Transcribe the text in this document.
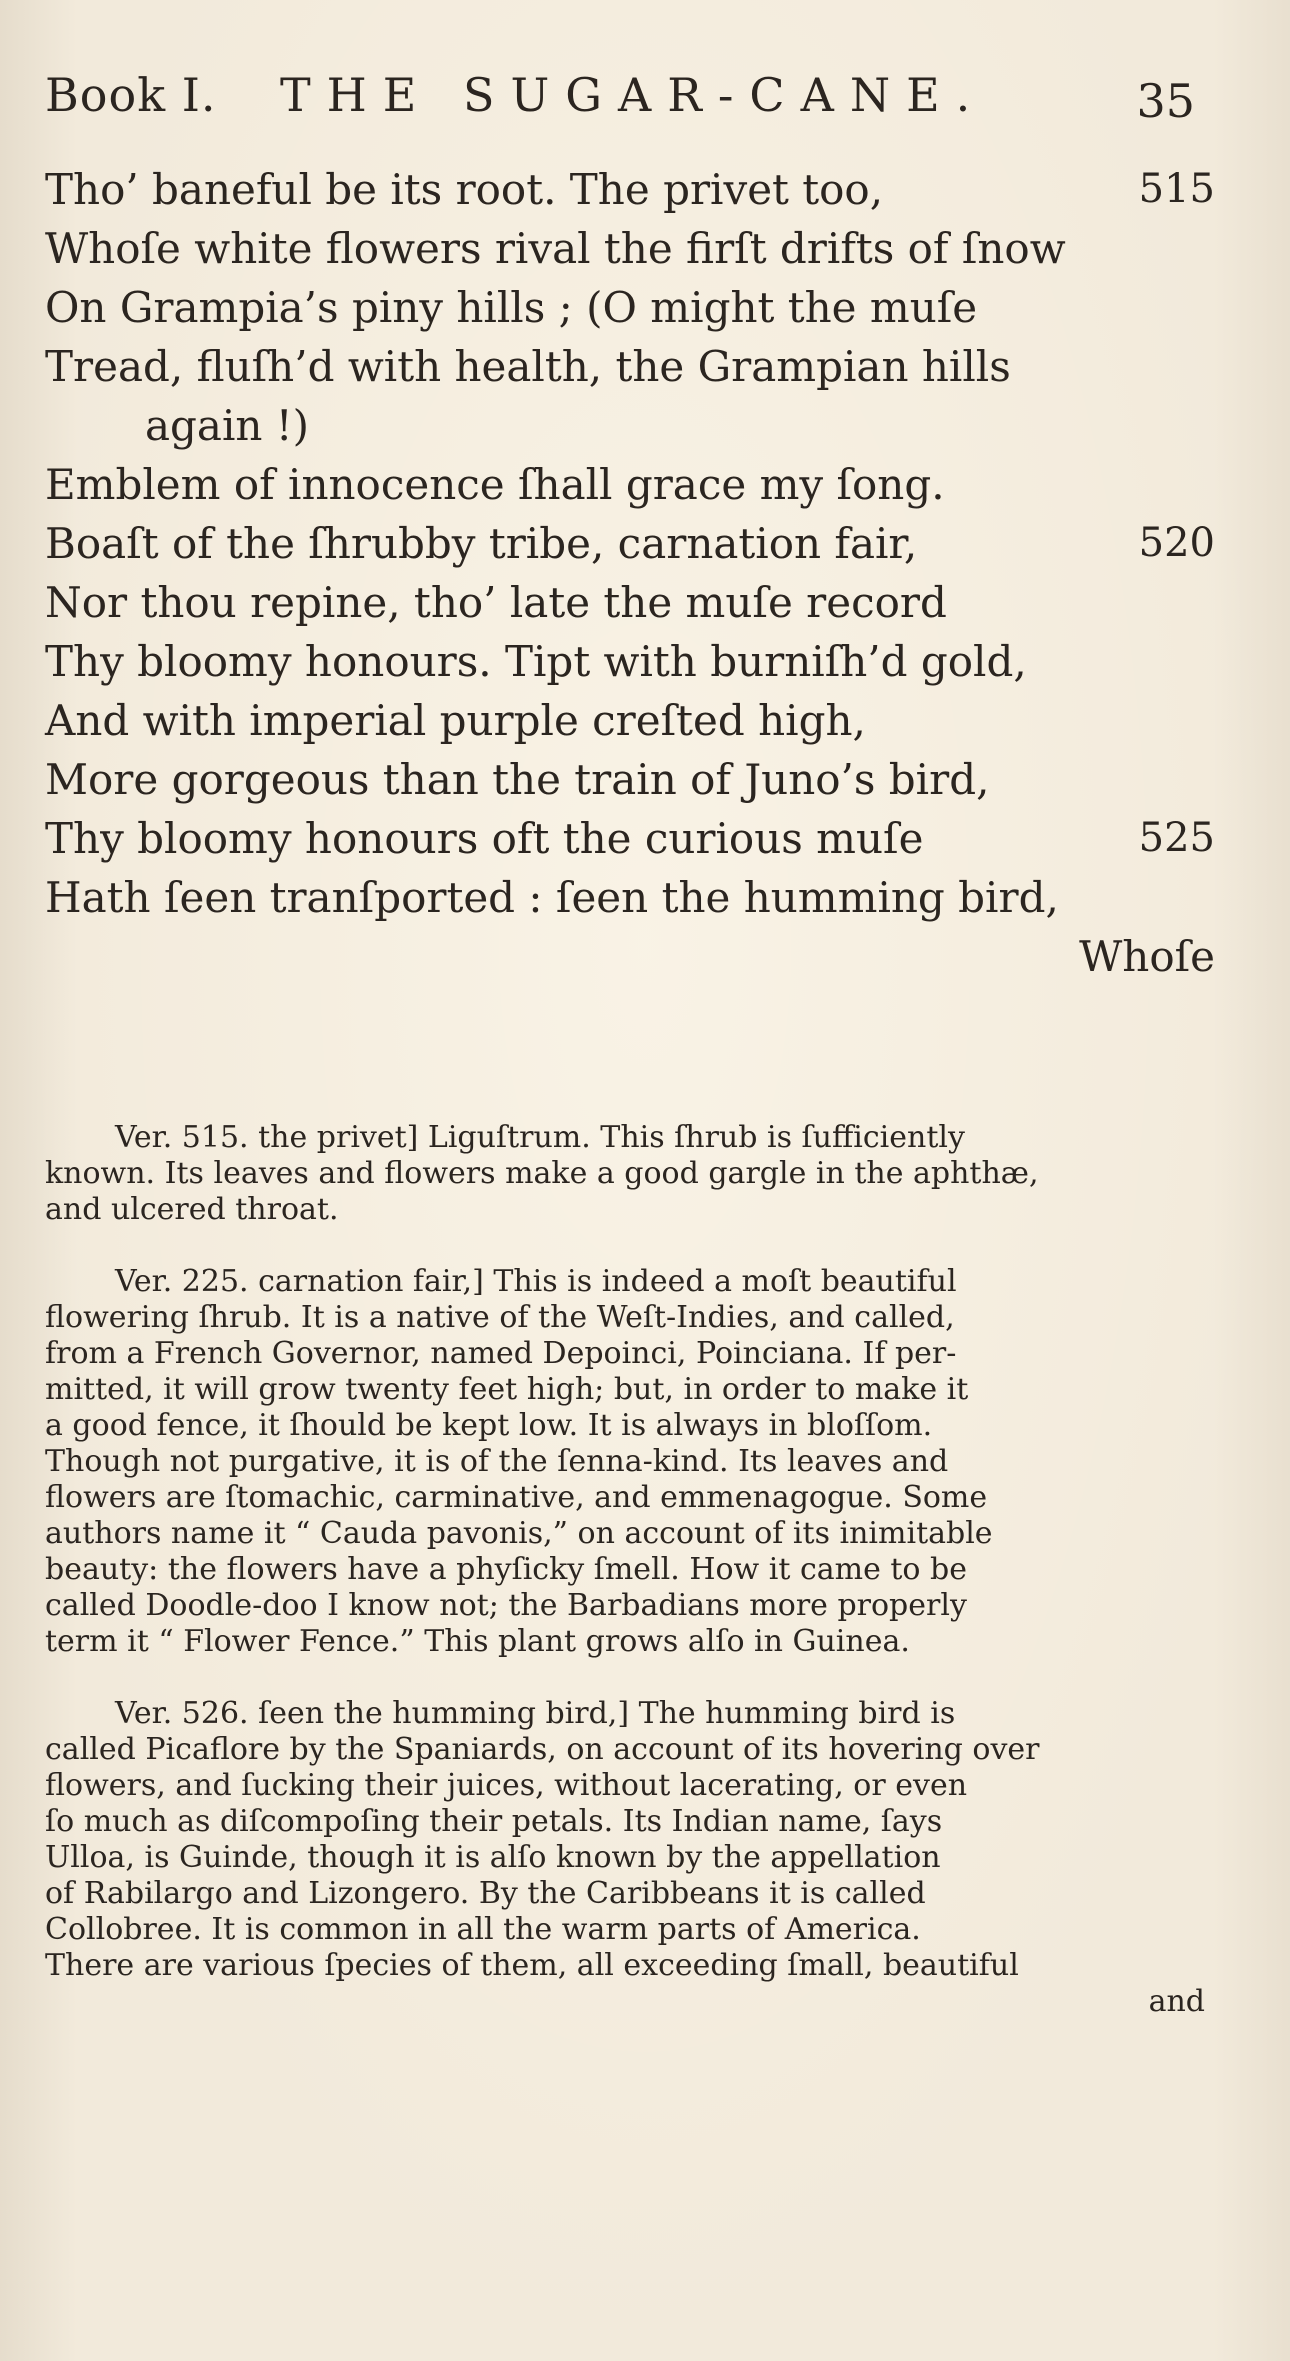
Book I. THE SUGAR-CANE.	35
Tho’ baneful be its root. The privet too,	515
Whoſe white flowers rival the firſt drifts of ſnow
On Grampia’s piny hills ; (O might the muſe
Tread, fluſh’d with health, the Grampian hills
again !)
Emblem of innocence ſhall grace my ſong.
Boaſt of the ſhrubby tribe, carnation fair,	520
Nor thou repine, tho’ late the muſe record
Thy bloomy honours. Tipt with burniſh’d gold,
And with imperial purple creſted high,
More gorgeous than the train of Juno’s bird,
Thy bloomy honours oft the curious muſe	525
Hath ſeen tranſported : ſeen the humming bird,
Whoſe
Ver. 515. the privet] Liguſtrum. This ſhrub is ſufficiently
known. Its leaves and flowers make a good gargle in the aphthæ,
and ulcered throat.
Ver. 225. carnation fair,] This is indeed a moſt beautiful
flowering ſhrub. It is a native of the Weſt-Indies, and called,
from a French Governor, named Depoinci, Poinciana. If per-
mitted, it will grow twenty feet high; but, in order to make it
a good fence, it ſhould be kept low. It is always in bloſſom.
Though not purgative, it is of the ſenna-kind. Its leaves and
flowers are ſtomachic, carminative, and emmenagogue. Some
authors name it “ Cauda pavonis,” on account of its inimitable
beauty: the flowers have a phyſicky ſmell. How it came to be
called Doodle-doo I know not; the Barbadians more properly
term it “ Flower Fence.” This plant grows alſo in Guinea.
Ver. 526. ſeen the humming bird,] The humming bird is
called Picaflore by the Spaniards, on account of its hovering over
flowers, and ſucking their juices, without lacerating, or even
ſo much as diſcompoſing their petals. Its Indian name, ſays
Ulloa, is Guinde, though it is alſo known by the appellation
of Rabilargo and Lizongero. By the Caribbeans it is called
Collobree. It is common in all the warm parts of America.
There are various ſpecies of them, all exceeding ſmall, beautiful
and
